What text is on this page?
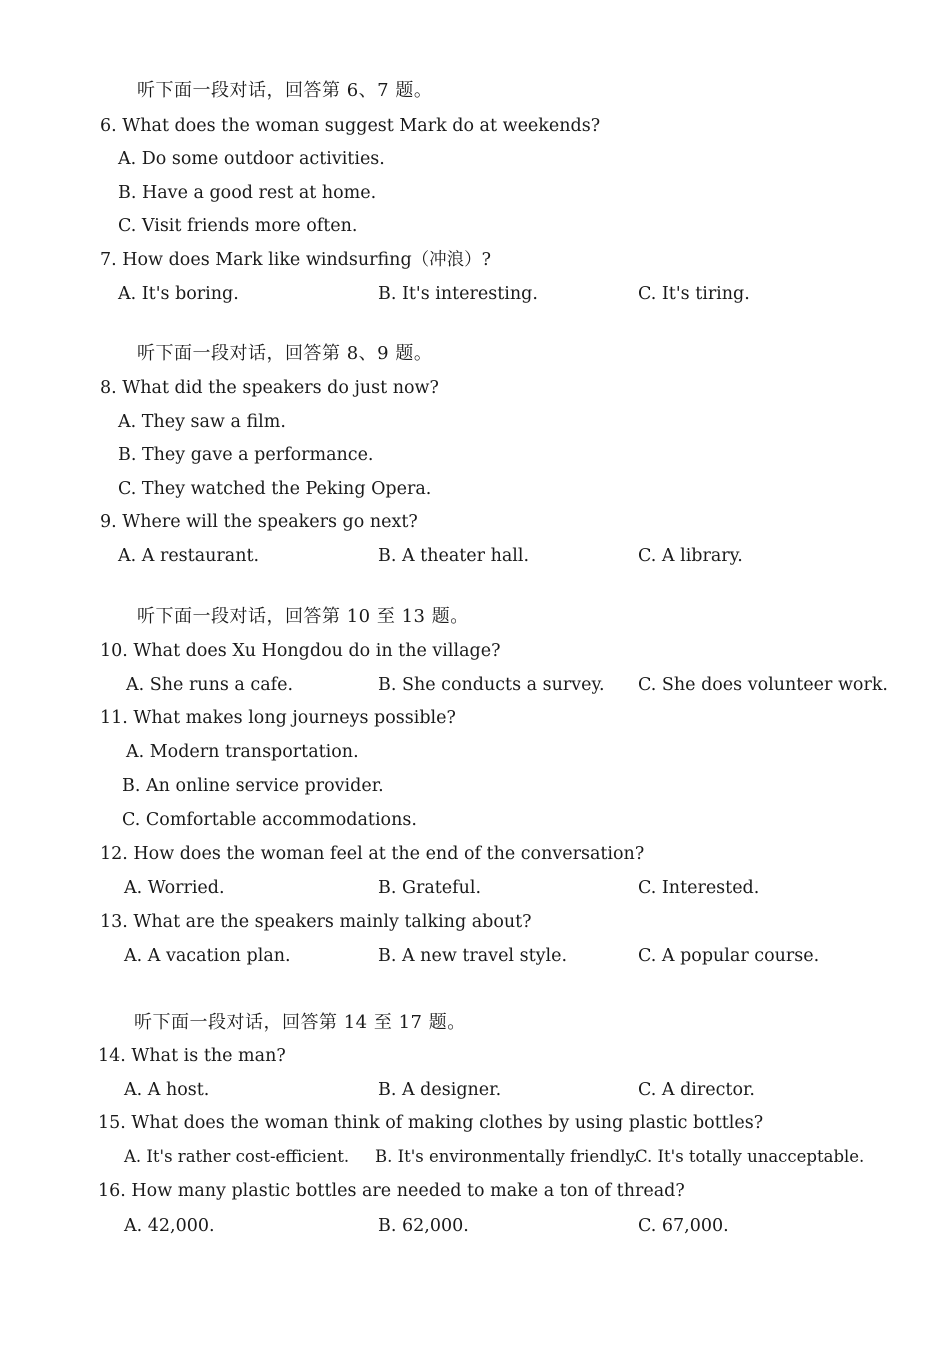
听下面一段对话，回答第 6、7 题。
6. What does the woman suggest Mark do at weekends?
A. Do some outdoor activities.
B. Have a good rest at home.
C. Visit friends more often.
7. How does Mark like windsurfing（冲浪）?
A. It's boring.	B. It's interesting.	C. It's tiring.
听下面一段对话，回答第 8、9 题。
8. What did the speakers do just now?
A. They saw a film.
B. They gave a performance.
C. They watched the Peking Opera.
9. Where will the speakers go next?
A. A restaurant.	B. A theater hall.	C. A library.
听下面一段对话，回答第 10 至 13 题。
10. What does Xu Hongdou do in the village?
A. She runs a cafe.	B. She conducts a survey. C. She does volunteer work.
11. What makes long journeys possible?
A. Modern transportation.
B. An online service provider.
C. Comfortable accommodations.
12. How does the woman feel at the end of the conversation?
A. Worried.	B. Grateful.	C. Interested.
13. What are the speakers mainly talking about?
A. A vacation plan.	B. A new travel style.	C. A popular course.
听下面一段对话，回答第 14 至 17 题。
14. What is the man?
A. A host.	B. A designer.	C. A director.
15. What does the woman think of making clothes by using plastic bottles?
A. It's rather cost-efficient. B. It's environmentally friendly.
C. It's totally unacceptable.
16. How many plastic bottles are needed to make a ton of thread?
A. 42,000.	B. 62,000.	C. 67,000.
